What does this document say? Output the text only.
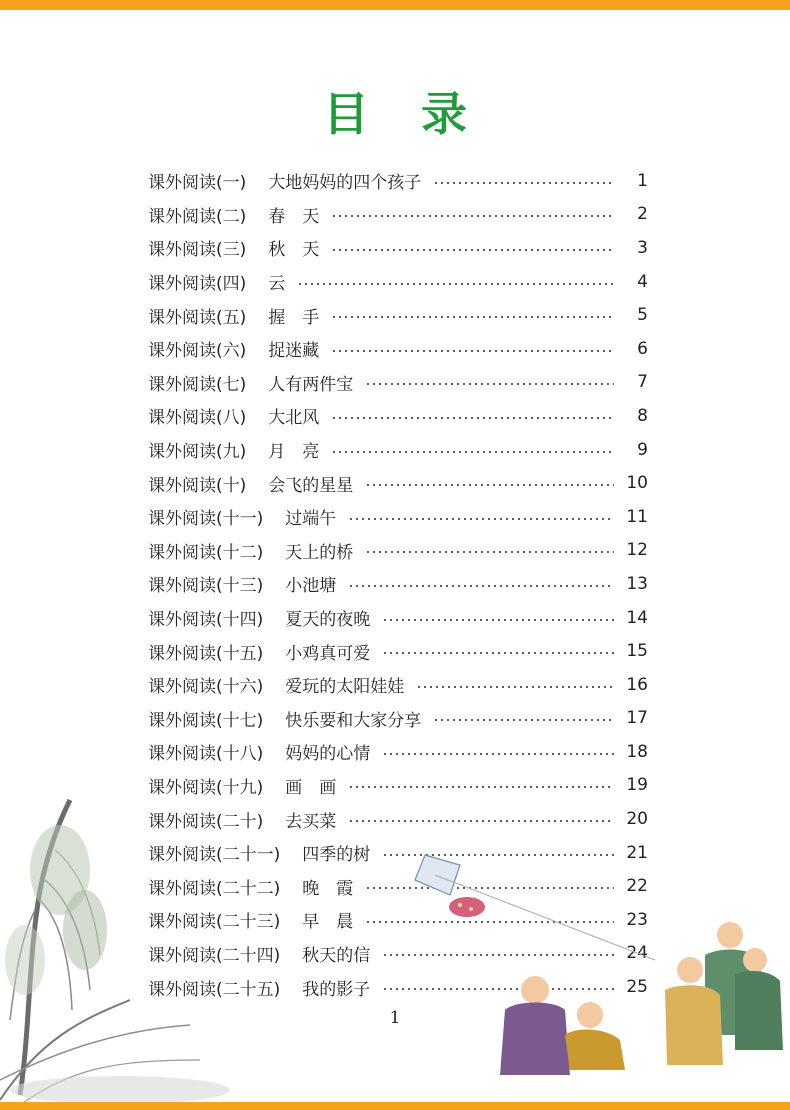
目 录
课外阅读(一) 大地妈妈的四个孩子	1
课外阅读(二) 春　天	2
课外阅读(三) 秋　天	3
课外阅读(四) 云	4
课外阅读(五) 握　手	5
课外阅读(六) 捉迷藏	6
课外阅读(七) 人有两件宝	7
课外阅读(八) 大北风	8
课外阅读(九) 月　亮	9
课外阅读(十) 会飞的星星	10
课外阅读(十一) 过端午	11
课外阅读(十二) 天上的桥	12
课外阅读(十三) 小池塘	13
课外阅读(十四) 夏天的夜晚	14
课外阅读(十五) 小鸡真可爱	15
课外阅读(十六) 爱玩的太阳娃娃	16
课外阅读(十七) 快乐要和大家分享	17
课外阅读(十八) 妈妈的心情	18
课外阅读(十九) 画　画	19
课外阅读(二十) 去买菜	20
课外阅读(二十一) 四季的树	21
课外阅读(二十二) 晚　霞	22
课外阅读(二十三) 早　晨	23
课外阅读(二十四) 秋天的信	24
课外阅读(二十五) 我的影子	25
1
